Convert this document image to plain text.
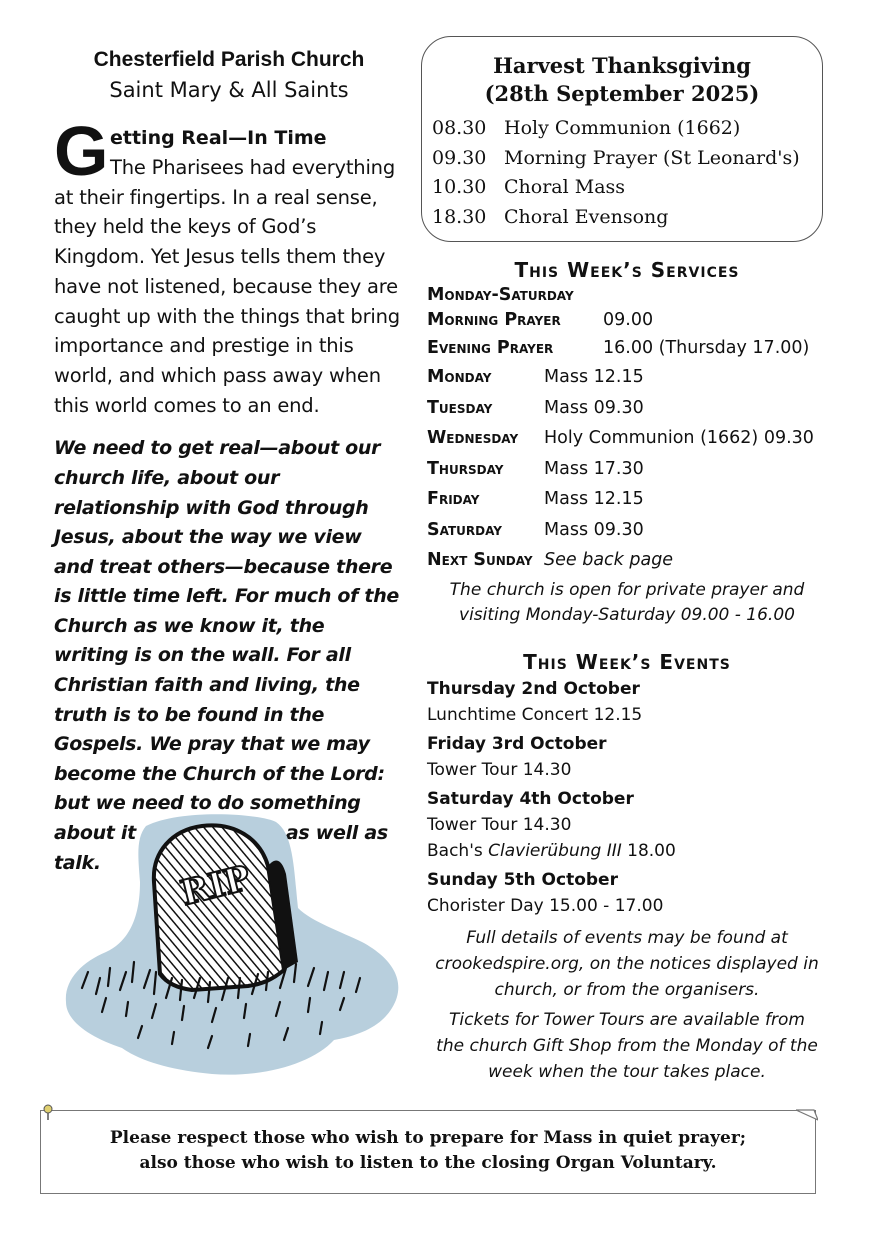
Chesterfield Parish Church
Saint Mary & All Saints
G etting Real—In Time

The Pharisees had everything at their fingertips. In a real sense, they held the keys of God’s Kingdom. Yet Jesus tells them they have not listened, because they are caught up with the things that bring importance and prestige in this world, and which pass away when this world comes to an end.

We need to get real—about our church life, about our relationship with God through Jesus, about the way we view and treat others—because there is little time left. For much of the Church as we know it, the writing is on the wall. For all Christian faith and living, the truth is to be found in the Gospels. We pray that we may become the Church of the Lord: but we need to do something about it	as well as
talk.	RIP
Harvest Thanksgiving
(28th September 2025)
08.30 Holy Communion (1662)
09.30 Morning Prayer (St Leonard's)
10.30 Choral Mass
18.30 Choral Evensong
This Week’s Services
Monday-Saturday
Morning Prayer 09.00
Evening Prayer	16.00 (Thursday 17.00)
Monday	Mass 12.15
Tuesday	Mass 09.30
Wednesday Holy Communion (1662) 09.30
Thursday Mass 17.30
Friday	Mass 12.15
Saturday Mass 09.30
Next Sunday See back page
The church is open for private prayer and
visiting Monday-Saturday 09.00 - 16.00
This Week’s Events
Thursday 2nd October
Lunchtime Concert 12.15
Friday 3rd October
Tower Tour 14.30
Saturday 4th October
Tower Tour 14.30
Bach's Clavierübung III 18.00
Sunday 5th October
Chorister Day 15.00 - 17.00
Full details of events may be found at
crookedspire.org, on the notices displayed in
church, or from the organisers.
Tickets for Tower Tours are available from
the church Gift Shop from the Monday of the
week when the tour takes place.
Please respect those who wish to prepare for Mass in quiet prayer;
also those who wish to listen to the closing Organ Voluntary.
